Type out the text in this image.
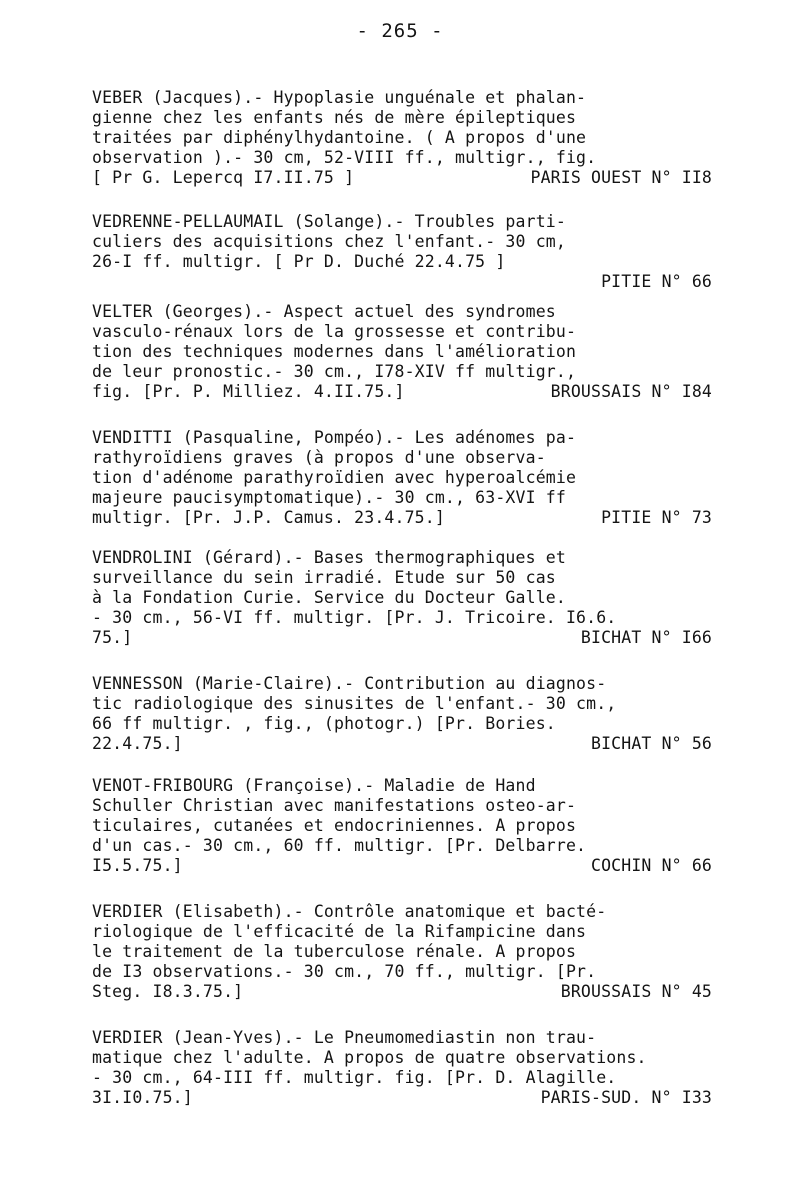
- 265 -
VEBER (Jacques).- Hypoplasie unguénale et phalan-
gienne chez les enfants nés de mère épileptiques
traitées par diphénylhydantoine. ( A propos d'une
observation ).- 30 cm, 52-VIII ff., multigr., fig.
[ Pr G. Lepercq I7.II.75 ]	PARIS OUEST N° II8
VEDRENNE-PELLAUMAIL (Solange).- Troubles parti-
culiers des acquisitions chez l'enfant.- 30 cm,
26-I ff. multigr. [ Pr D. Duché 22.4.75 ]
PITIE N° 66
VELTER (Georges).- Aspect actuel des syndromes
vasculo-rénaux lors de la grossesse et contribu-
tion des techniques modernes dans l'amélioration
de leur pronostic.- 30 cm., I78-XIV ff multigr.,
fig. [Pr. P. Milliez. 4.II.75.]	BROUSSAIS N° I84
VENDITTI (Pasqualine, Pompéo).- Les adénomes pa-
rathyroïdiens graves (à propos d'une observa-
tion d'adénome parathyroïdien avec hyperoalcémie
majeure paucisymptomatique).- 30 cm., 63-XVI ff
multigr. [Pr. J.P. Camus. 23.4.75.]	PITIE N° 73
VENDROLINI (Gérard).- Bases thermographiques et
surveillance du sein irradié. Etude sur 50 cas
à la Fondation Curie. Service du Docteur Galle.
- 30 cm., 56-VI ff. multigr. [Pr. J. Tricoire. I6.6.
75.]	BICHAT N° I66
VENNESSON (Marie-Claire).- Contribution au diagnos-
tic radiologique des sinusites de l'enfant.- 30 cm.,
66 ff multigr. , fig., (photogr.) [Pr. Bories.
22.4.75.]	BICHAT N° 56
VENOT-FRIBOURG (Françoise).- Maladie de Hand
Schuller Christian avec manifestations osteo-ar-
ticulaires, cutanées et endocriniennes. A propos
d'un cas.- 30 cm., 60 ff. multigr. [Pr. Delbarre.
I5.5.75.]	COCHIN N° 66
VERDIER (Elisabeth).- Contrôle anatomique et bacté-
riologique de l'efficacité de la Rifampicine dans
le traitement de la tuberculose rénale. A propos
de I3 observations.- 30 cm., 70 ff., multigr. [Pr.
Steg. I8.3.75.]	BROUSSAIS N° 45
VERDIER (Jean-Yves).- Le Pneumomediastin non trau-
matique chez l'adulte. A propos de quatre observations.
- 30 cm., 64-III ff. multigr. fig. [Pr. D. Alagille.
3I.I0.75.]	PARIS-SUD. N° I33
